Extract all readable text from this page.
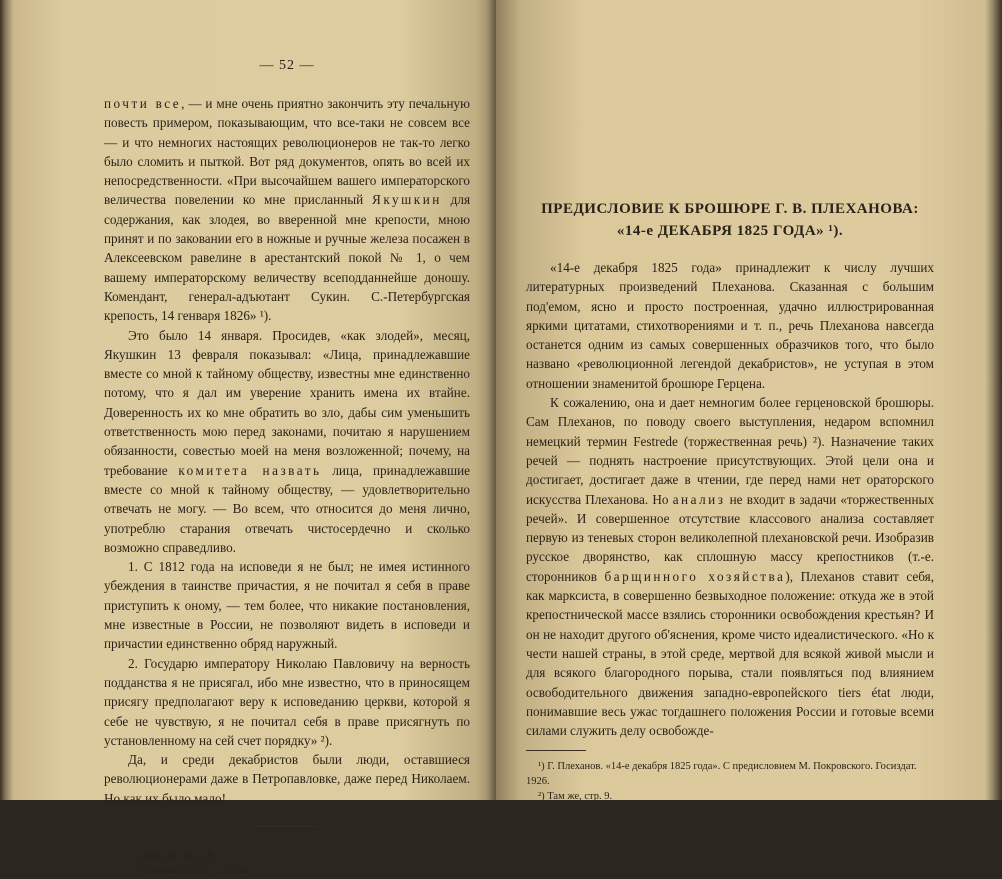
— 52 —

почти все, — и мне очень приятно закончить эту печальную повесть примером, показывающим, что все-таки не совсем все — и что немногих настоящих революционеров не так-то легко было сломить и пыткой. Вот ряд документов, опять во всей их непосредственности. «При высочайшем вашего императорского величества повелении ко мне присланный Якушкин для содержания, как злодея, во вверенной мне крепости, мною принят и по заковании его в ножные и ручные железа посажен в Алексеевском равелине в арестантский покой № 1, о чем вашему императорскому величеству всеподданнейше доношу. Комендант, генерал-адъютант Сукин. С.-Петербургская крепость, 14 генваря 1826» ¹).

Это было 14 января. Просидев, «как злодей», месяц, Якушкин 13 февраля показывал: «Лица, принадлежавшие вместе со мной к тайному обществу, известны мне единственно потому, что я дал им уверение хранить имена их втайне. Доверенность их ко мне обратить во зло, дабы сим уменьшить ответственность мою перед законами, почитаю я нарушением обязанности, совестью моей на меня возложенной; почему, на требование комитета назвать лица, принадлежавшие вместе со мной к тайному обществу, — удовлетворительно отвечать не могу. — Во всем, что относится до меня лично, употреблю старания отвечать чистосердечно и сколько возможно справедливо.

1. С 1812 года на исповеди я не был; не имея истинного убеждения в таинстве причастия, я не почитал я себя в праве приступить к оному, — тем более, что никакие постановления, мне известные в России, не позволяют видеть в исповеди и причастии единственно обряд наружный.

2. Государю императору Николаю Павловичу на верность подданства я не присягал, ибо мне известно, что в приносящем присягу предполагают веру к исповеданию церкви, которой я себе не чувствую, я не почитал себя в праве присягнуть по установленному на сей счет порядку» ²).

Да, и среди декабристов были люди, оставшиеся революционерами даже в Петропавловке, даже перед Николаем. Но как их было мало!

¹) Дело № 35, л. 8.
²) «Дело» № 352, л. 10 об.
ПРЕДИСЛОВИЕ К БРОШЮРЕ Г. В. ПЛЕХАНОВА:
«14-е ДЕКАБРЯ 1825 ГОДА» ¹).

«14-е декабря 1825 года» принадлежит к числу лучших литературных произведений Плеханова. Сказанная с большим под'емом, ясно и просто построенная, удачно иллюстрированная яркими цитатами, стихотворениями и т. п., речь Плеханова навсегда останется одним из самых совершенных образчиков того, что было названо «революционной легендой декабристов», не уступая в этом отношении знаменитой брошюре Герцена.

К сожалению, она и дает немногим более герценовской брошюры. Сам Плеханов, по поводу своего выступления, недаром вспомнил немецкий термин Festrede (торжественная речь) ²). Назначение таких речей — поднять настроение присутствующих. Этой цели она и достигает, достигает даже в чтении, где перед нами нет ораторского искусства Плеханова. Но анализ не входит в задачи «торжественных речей». И совершенное отсутствие классового анализа составляет первую из теневых сторон великолепной плехановской речи. Изобразив русское дворянство, как сплошную массу крепостников (т.-е. сторонников барщинного хозяйства), Плеханов ставит себя, как марксиста, в совершенно безвыходное положение: откуда же в этой крепостнической массе взялись сторонники освобождения крестьян? И он не находит другого об'яснения, кроме чисто идеалистического. «Но к чести нашей страны, в этой среде, мертвой для всякой живой мысли и для всякого благородного порыва, стали появляться под влиянием освободительного движения западно-европейского tiers état люди, понимавшие весь ужас тогдашнего положения России и готовые всеми силами служить делу освобожде-

¹) Г. Плеханов. «14-е декабря 1825 года». С предисловием М. Покровского. Госиздат. 1926.

²) Там же, стр. 9.
